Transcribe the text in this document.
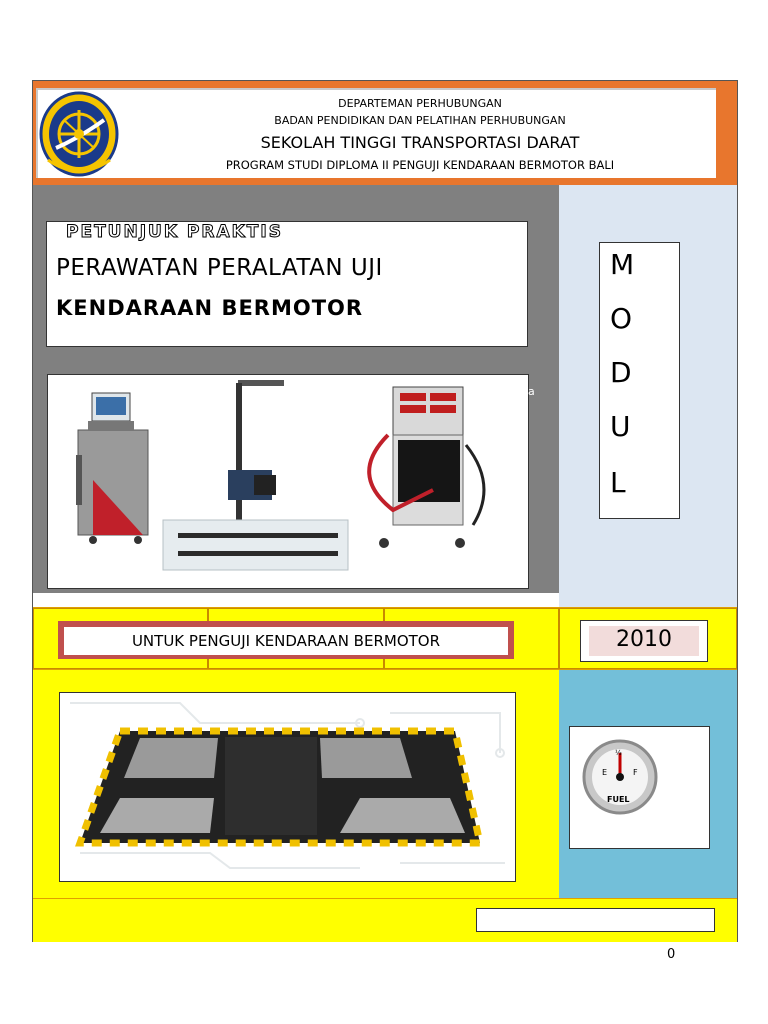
DEPARTEMAN PERHUBUNGAN
BADAN PENDIDIKAN DAN PELATIHAN PERHUBUNGAN
SEKOLAH TINGGI TRANSPORTASI DARAT
PROGRAM STUDI DIPLOMA II PENGUJI KENDARAAN BERMOTOR BALI
PETUNJUK PRAKTIS
PERAWATAN PERALATAN UJI
KENDARAAN BERMOTOR
a
M
O
D
U
L
UNTUK PENGUJI KENDARAAN BERMOTOR	2010
E
½
F
FUEL
0
